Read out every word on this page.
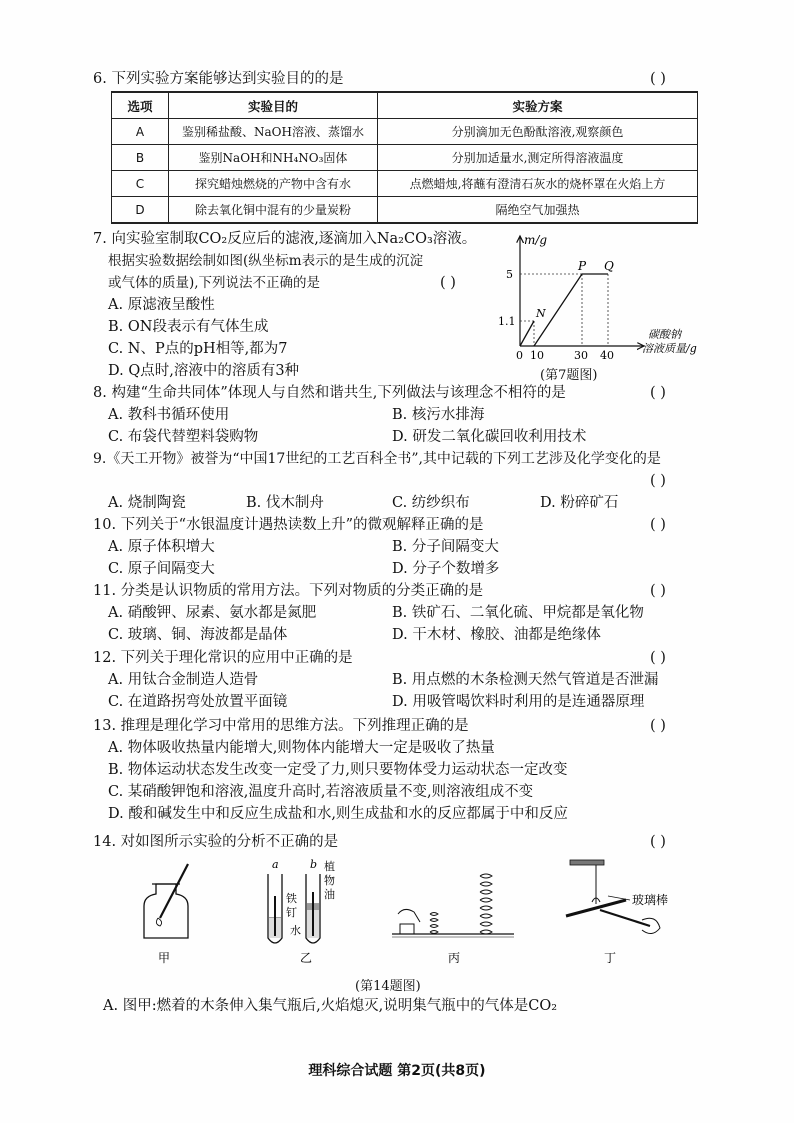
6. 下列实验方案能够达到实验目的的是	( )
选项	实验目的	实验方案
A	鉴别稀盐酸、NaOH溶液、蒸馏水	分别滴加无色酚酞溶液,观察颜色
B	鉴别NaOH和NH₄NO₃固体	分别加适量水,测定所得溶液温度
C	探究蜡烛燃烧的产物中含有水	点燃蜡烛,将蘸有澄清石灰水的烧杯罩在火焰上方
D	除去氧化铜中混有的少量炭粉	隔绝空气加强热
7. 向实验室制取CO₂反应后的滤液,逐滴加入Na₂CO₃溶液。
根据实验数据绘制如图(纵坐标m表示的是生成的沉淀
或气体的质量),下列说法不正确的是	( )
A. 原滤液呈酸性
B. ON段表示有气体生成
C. N、P点的pH相等,都为7
D. Q点时,溶液中的溶质有3种
m/g
5
1.1
0 10	30 40
N
P Q
碳酸钠
溶液质量/g
(第7题图)
8. 构建“生命共同体”体现人与自然和谐共生,下列做法与该理念不相符的是	( )
A. 教科书循环使用	B. 核污水排海
C. 布袋代替塑料袋购物	D. 研发二氧化碳回收利用技术
9.《天工开物》被誉为“中国17世纪的工艺百科全书”,其中记载的下列工艺涉及化学变化的是
( )
A. 烧制陶瓷	B. 伐木制舟	C. 纺纱织布	D. 粉碎矿石
10. 下列关于“水银温度计遇热读数上升”的微观解释正确的是	( )
A. 原子体积增大	B. 分子间隔变大
C. 原子间隔变大	D. 分子个数增多
11. 分类是认识物质的常用方法。下列对物质的分类正确的是	( )
A. 硝酸钾、尿素、氨水都是氮肥	B. 铁矿石、二氧化硫、甲烷都是氧化物
C. 玻璃、铜、海波都是晶体	D. 干木材、橡胶、油都是绝缘体
12. 下列关于理化常识的应用中正确的是	( )
A. 用钛合金制造人造骨	B. 用点燃的木条检测天然气管道是否泄漏
C. 在道路拐弯处放置平面镜	D. 用吸管喝饮料时利用的是连通器原理
13. 推理是理化学习中常用的思维方法。下列推理正确的是	( )
A. 物体吸收热量内能增大,则物体内能增大一定是吸收了热量
B. 物体运动状态发生改变一定受了力,则只要物体受力运动状态一定改变
C. 某硝酸钾饱和溶液,温度升高时,若溶液质量不变,则溶液组成不变
D. 酸和碱发生中和反应生成盐和水,则生成盐和水的反应都属于中和反应
14. 对如图所示实验的分析不正确的是	( )
甲
a	b
铁
钉
水
植
物
油
乙	丙
玻璃棒
丁
(第14题图)
A. 图甲:燃着的木条伸入集气瓶后,火焰熄灭,说明集气瓶中的气体是CO₂
理科综合试题 第2页(共8页)
